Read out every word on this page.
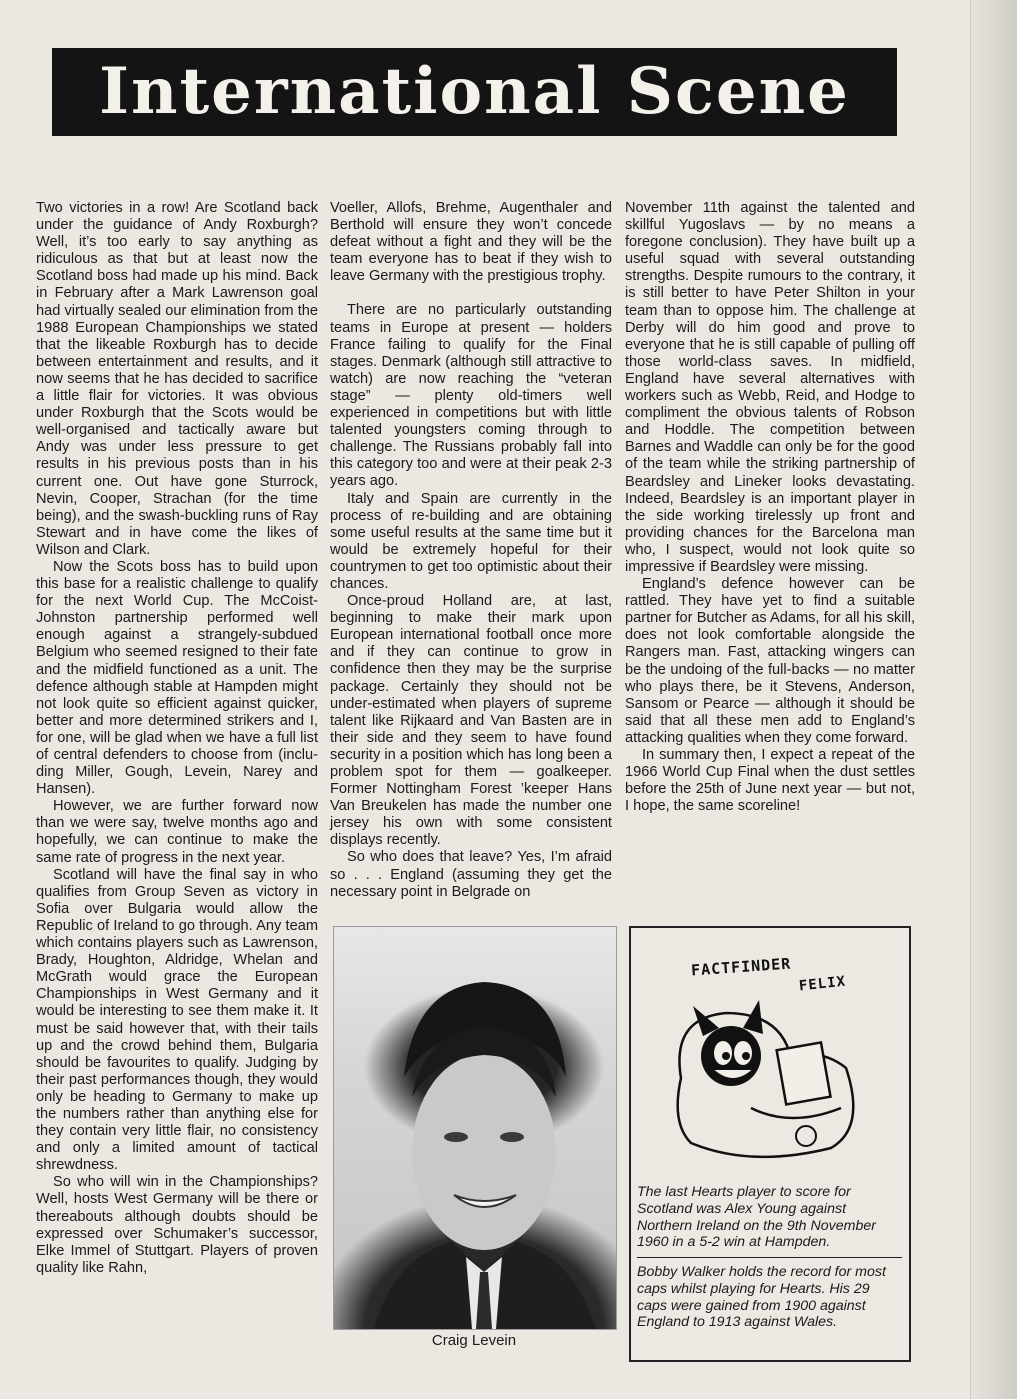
International Scene

Two victories in a row! Are Scotland back under the guidance of Andy Roxburgh? Well, it’s too early to say anything as ridiculous as that but at least now the Scotland boss had made up his mind. Back in February after a Mark Lawrenson goal had virtually sealed our elimination from the 1988 European Championships we stated that the likeable Roxburgh has to decide between entertainment and results, and it now seems that he has decided to sacrifice a little flair for victories. It was obvious under Roxburgh that the Scots would be well-organised and tactically aware but Andy was under less pressure to get results in his previous posts than in his current one. Out have gone Sturrock, Nevin, Cooper, Strachan (for the time being), and the swash-buckling runs of Ray Stewart and in have come the likes of Wilson and Clark.

Now the Scots boss has to build upon this base for a realistic challenge to qualify for the next World Cup. The McCoist-Johnston partnership performed well enough against a strangely-subdued Belgium who seemed resigned to their fate and the midfield functioned as a unit. The defence although stable at Hampden might not look quite so efficient against quicker, better and more determined strikers and I, for one, will be glad when we have a full list of central defenders to choose from (including Miller, Gough, Levein, Narey and Hansen).

However, we are further forward now than we were say, twelve months ago and hopefully, we can continue to make the same rate of progress in the next year.

Scotland will have the final say in who qualifies from Group Seven as victory in Sofia over Bulgaria would allow the Republic of Ireland to go through. Any team which contains players such as Lawrenson, Brady, Houghton, Aldridge, Whelan and McGrath would grace the European Championships in West Germany and it would be interesting to see them make it. It must be said however that, with their tails up and the crowd behind them, Bulgaria should be favourites to qualify. Judging by their past performances though, they would only be heading to Germany to make up the numbers rather than anything else for they contain very little flair, no consistency and only a limited amount of tactical shrewdness.

So who will win in the Championships? Well, hosts West Germany will be there or thereabouts although doubts should be expressed over Schumaker’s successor, Elke Immel of Stuttgart. Players of proven quality like Rahn,

Voeller, Allofs, Brehme, Augenthaler and Berthold will ensure they won’t concede defeat without a fight and they will be the team everyone has to beat if they wish to leave Germany with the prestigious trophy.

There are no particularly outstanding teams in Europe at present — holders France failing to qualify for the Final stages. Denmark (although still attractive to watch) are now reaching the “veteran stage” — plenty old-timers well experienced in competitions but with little talented youngsters coming through to challenge. The Russians probably fall into this category too and were at their peak 2-3 years ago.

Italy and Spain are currently in the process of re-building and are obtaining some useful results at the same time but it would be extremely hopeful for their countrymen to get too optimistic about their chances.

Once-proud Holland are, at last, beginning to make their mark upon European international football once more and if they can continue to grow in confidence then they may be the surprise package. Certainly they should not be under-estimated when players of supreme talent like Rijkaard and Van Basten are in their side and they seem to have found security in a position which has long been a problem spot for them — goalkeeper. Former Nottingham Forest ’keeper Hans Van Breukelen has made the number one jersey his own with some consistent displays recently.

So who does that leave? Yes, I’m afraid so . . . England (assuming they get the necessary point in Belgrade on

November 11th against the talented and skillful Yugoslavs — by no means a foregone conclusion). They have built up a useful squad with several outstanding strengths. Despite rumours to the contrary, it is still better to have Peter Shilton in your team than to oppose him. The challenge at Derby will do him good and prove to everyone that he is still capable of pulling off those world-class saves. In midfield, England have several alternatives with workers such as Webb, Reid, and Hodge to compliment the obvious talents of Robson and Hoddle. The competition between Barnes and Waddle can only be for the good of the team while the striking partnership of Beardsley and Lineker looks devastating. Indeed, Beardsley is an important player in the side working tirelessly up front and providing chances for the Barcelona man who, I suspect, would not look quite so impressive if Beardsley were missing.

England’s defence however can be rattled. They have yet to find a suitable partner for Butcher as Adams, for all his skill, does not look comfortable alongside the Rangers man. Fast, attacking wingers can be the undoing of the full-backs — no matter who plays there, be it Stevens, Anderson, Sansom or Pearce — although it should be said that all these men add to England’s attacking qualities when they come forward.

In summary then, I expect a repeat of the 1966 World Cup Final when the dust settles before the 25th of June next year — but not, I hope, the same scoreline!

Craig Levein
FACTFINDER
FELIX
The last Hearts player to score for Scotland was Alex Young against Northern Ireland on the 9th November 1960 in a 5-2 win at Hampden.
Bobby Walker holds the record for most caps whilst playing for Hearts. His 29 caps were gained from 1900 against England to 1913 against Wales.
